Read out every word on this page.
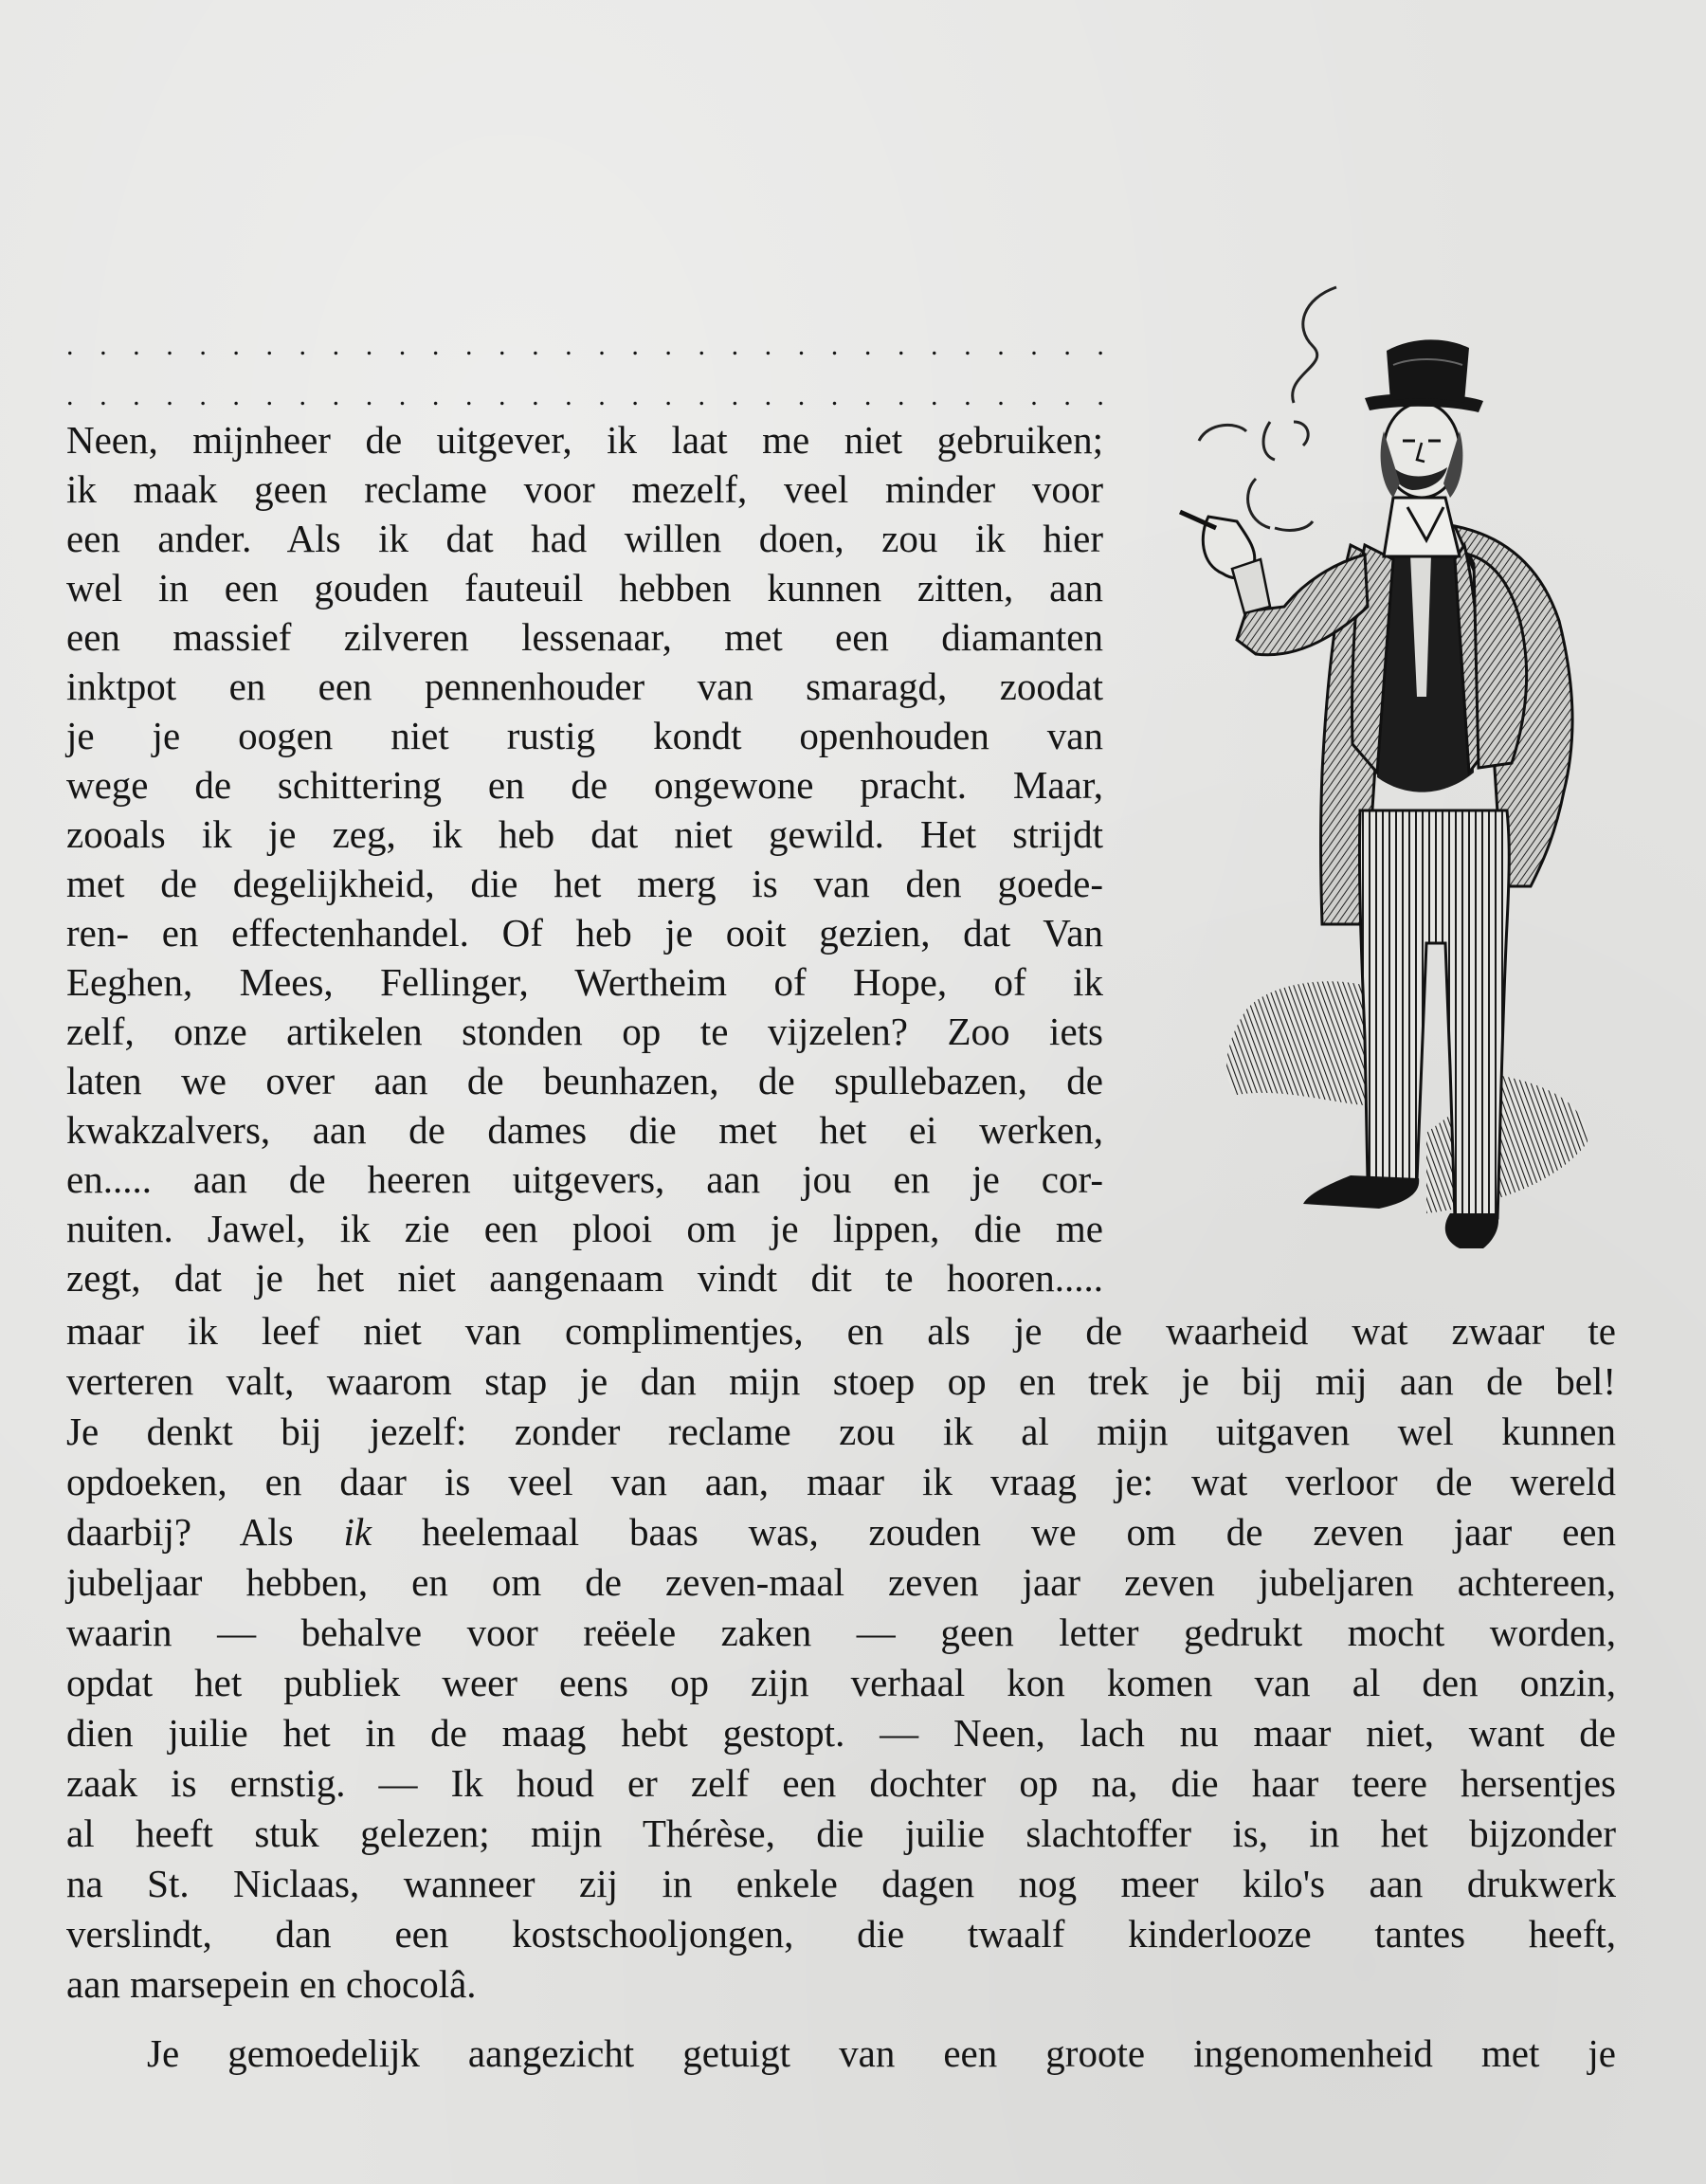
. . . . . . . . . . . . . . . . . . . . . . . . . . . . . . . .
. . . . . . . . . . . . . . . . . . . . . . . . . . . . . . . .
Neen, mijnheer de uitgever, ik laat me niet gebruiken;
ik maak geen reclame voor mezelf, veel minder voor
een ander. Als ik dat had willen doen, zou ik hier
wel in een gouden fauteuil hebben kunnen zitten, aan
een massief zilveren lessenaar, met een diamanten
inktpot en een pennenhouder van smaragd, zoodat
je je oogen niet rustig kondt openhouden van
wege de schittering en de ongewone pracht. Maar,
zooals ik je zeg, ik heb dat niet gewild. Het strijdt
met de degelijkheid, die het merg is van den goede-
ren- en effectenhandel. Of heb je ooit gezien, dat Van
Eeghen, Mees, Fellinger, Wertheim of Hope, of ik
zelf, onze artikelen stonden op te vijzelen? Zoo iets
laten we over aan de beunhazen, de spullebazen, de
kwakzalvers, aan de dames die met het ei werken,
en..... aan de heeren uitgevers, aan jou en je cor-
nuiten. Jawel, ik zie een plooi om je lippen, die me
zegt, dat je het niet aangenaam vindt dit te hooren.....
maar ik leef niet van complimentjes, en als je de waarheid wat zwaar te
verteren valt, waarom stap je dan mijn stoep op en trek je bij mij aan de bel!
Je denkt bij jezelf: zonder reclame zou ik al mijn uitgaven wel kunnen
opdoeken, en daar is veel van aan, maar ik vraag je: wat verloor de wereld
daarbij? Als ik heelemaal baas was, zouden we om de zeven jaar een
jubeljaar hebben, en om de zeven-maal zeven jaar zeven jubeljaren achtereen,
waarin — behalve voor reëele zaken — geen letter gedrukt mocht worden,
opdat het publiek weer eens op zijn verhaal kon komen van al den onzin,
dien juilie het in de maag hebt gestopt. — Neen, lach nu maar niet, want de
zaak is ernstig. — Ik houd er zelf een dochter op na, die haar teere hersentjes
al heeft stuk gelezen; mijn Thérèse, die juilie slachtoffer is, in het bijzonder
na St. Niclaas, wanneer zij in enkele dagen nog meer kilo's aan drukwerk
verslindt, dan een kostschooljongen, die twaalf kinderlooze tantes heeft,
aan marsepein en chocolâ.
Je gemoedelijk aangezicht getuigt van een groote ingenomenheid met je
